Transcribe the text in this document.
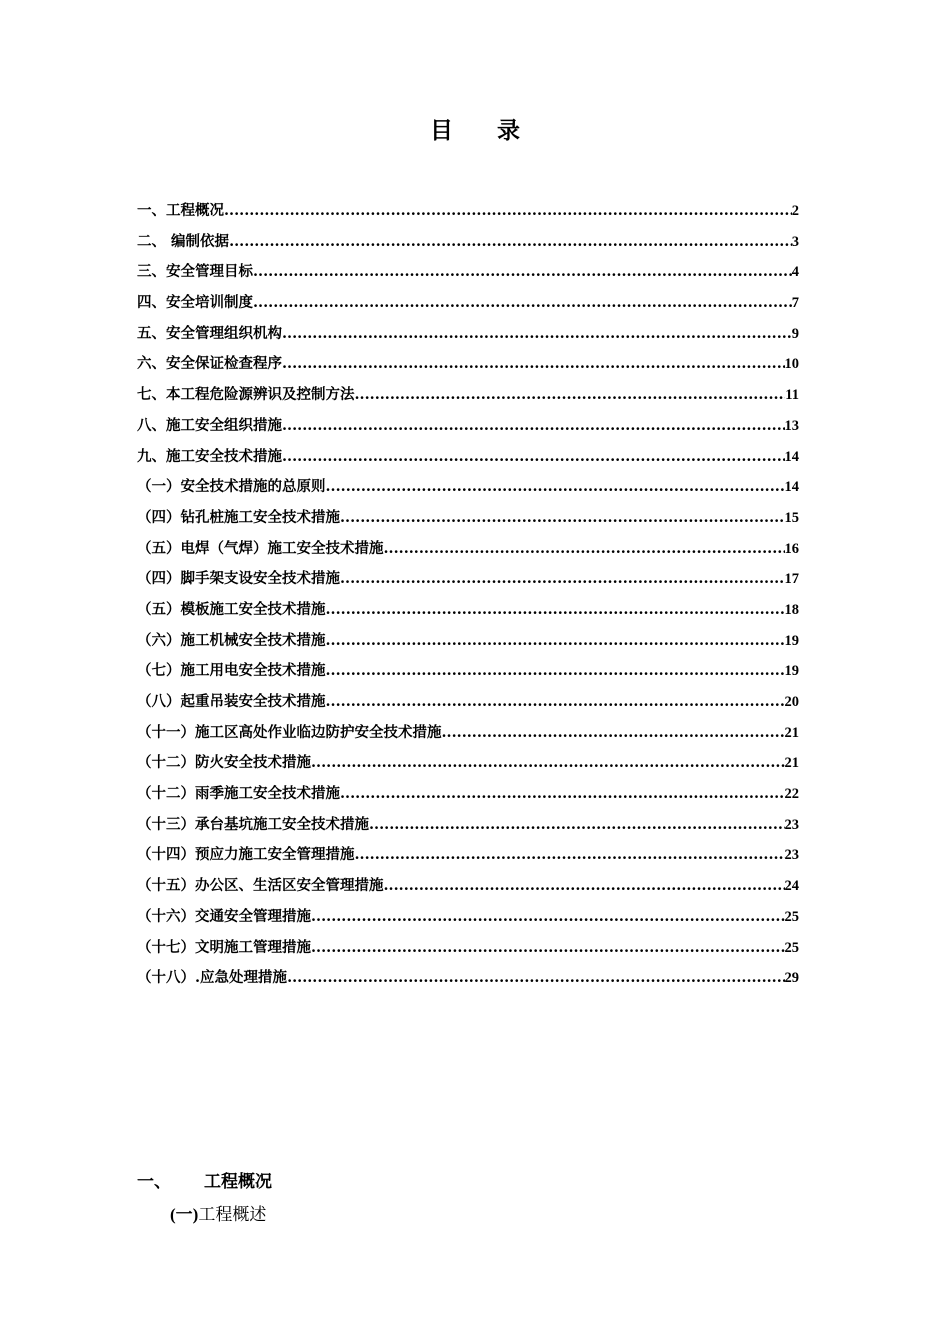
目 录
一、工程概况 .....	2
二、 编制依据 .....	3
三、安全管理目标 .....	4
四、安全培训制度 .....	7
五、安全管理组织机构 .....	9
六、安全保证检查程序 .....	10
七、本工程危险源辨识及控制方法 .....	11
八、施工安全组织措施 .....	13
九、施工安全技术措施 .....	14
（一）安全技术措施的总原则 .....	14
（四）钻孔桩施工安全技术措施 .....	15
（五）电焊（气焊）施工安全技术措施 .....	16
（四）脚手架支设安全技术措施 .....	17
（五）模板施工安全技术措施 .....	18
（六）施工机械安全技术措施 .....	19
（七）施工用电安全技术措施 .....	19
（八）起重吊装安全技术措施 .....	20
（十一）施工区高处作业临边防护安全技术措施 .....	21
（十二）防火安全技术措施 .....	21
（十二）雨季施工安全技术措施 .....	22
（十三）承台基坑施工安全技术措施 .....	23
（十四）预应力施工安全管理措施 .....	23
（十五）办公区、生活区安全管理措施 .....	24
（十六）交通安全管理措施 .....	25
（十七）文明施工管理措施 .....	25
（十八）.应急处理措施 .....	29
一、 工程概况
(一)工程概述
